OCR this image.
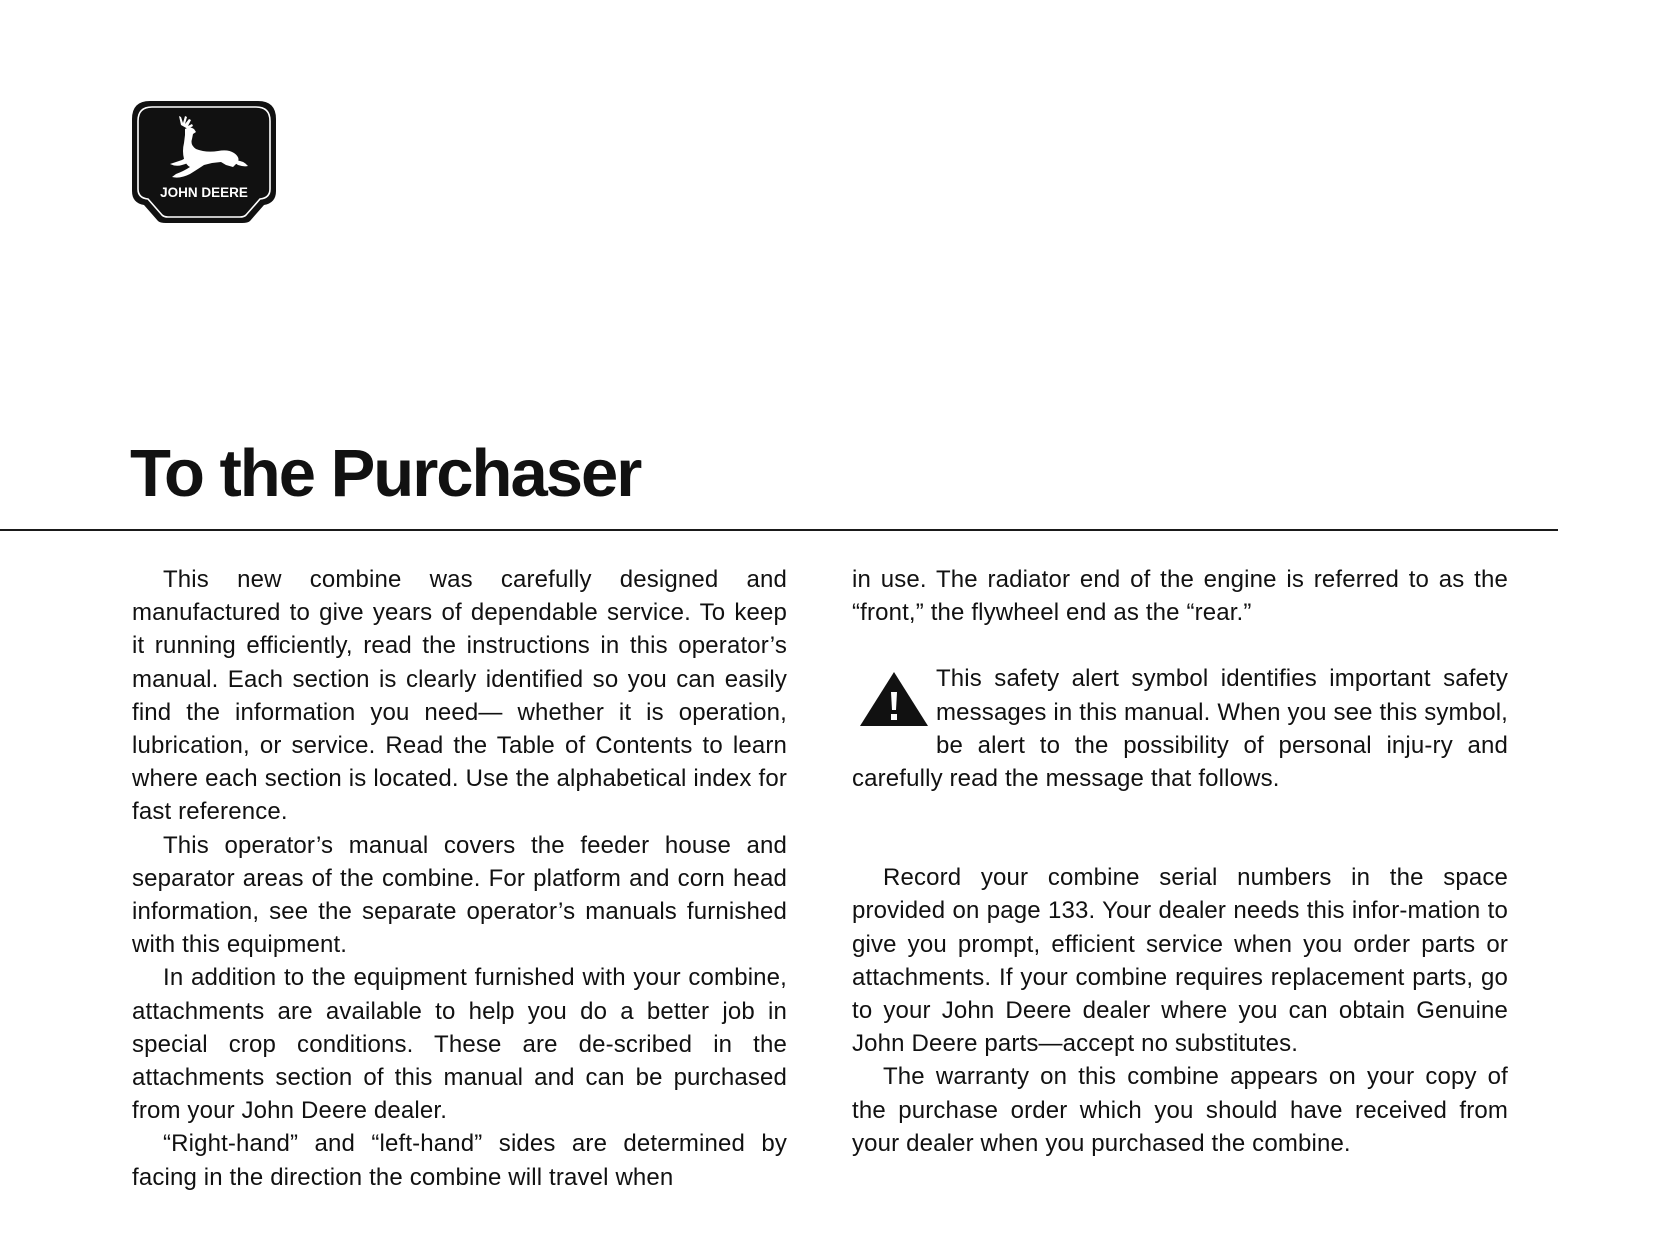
JOHN DEERE
To the Purchaser

This new combine was carefully designed and manufactured to give years of dependable service. To keep it running efficiently, read the instructions in this operator’s manual. Each section is clearly identified so you can easily find the information you need— whether it is operation, lubrication, or service. Read the Table of Contents to learn where each section is located. Use the alphabetical index for fast reference.

This operator’s manual covers the feeder house and separator areas of the combine. For platform and corn head information, see the separate operator’s manuals furnished with this equipment.

In addition to the equipment furnished with your combine, attachments are available to help you do a better job in special crop conditions. These are de-scribed in the attachments section of this manual and can be purchased from your John Deere dealer.

“Right-hand” and “left-hand” sides are determined by facing in the direction the combine will travel when

in use. The radiator end of the engine is referred to as the “front,” the flywheel end as the “rear.”

This safety alert symbol identifies important safety messages in this manual. When you see this symbol, be alert to the possibility of personal inju-ry and carefully read the message that follows.

Record your combine serial numbers in the space provided on page 133. Your dealer needs this infor-mation to give you prompt, efficient service when you order parts or attachments. If your combine requires replacement parts, go to your John Deere dealer where you can obtain Genuine John Deere parts—accept no substitutes.

The warranty on this combine appears on your copy of the purchase order which you should have received from your dealer when you purchased the combine.
